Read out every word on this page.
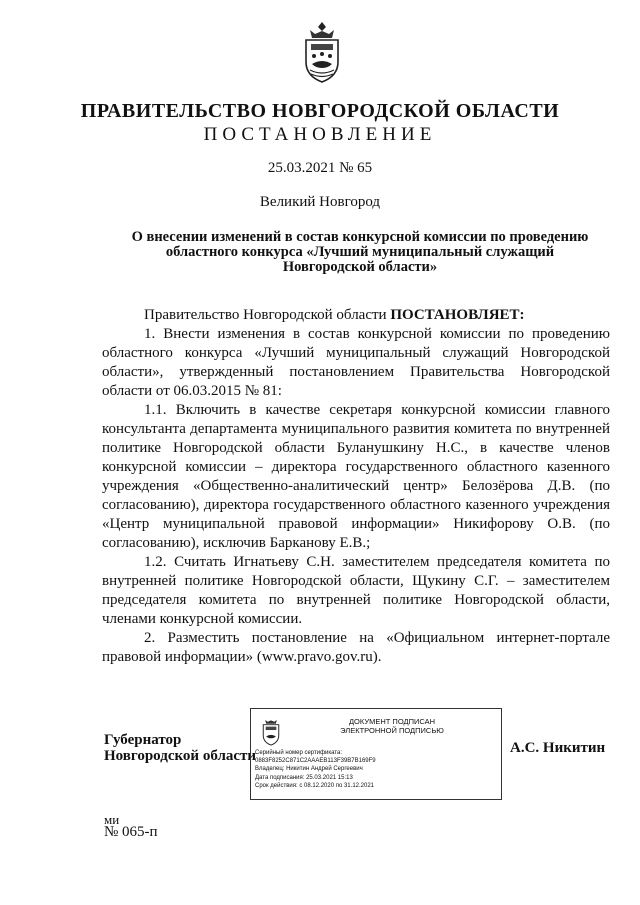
ПРАВИТЕЛЬСТВО НОВГОРОДСКОЙ ОБЛАСТИ
ПОСТАНОВЛЕНИЕ
25.03.2021 № 65
Великий Новгород
О внесении изменений в состав конкурсной комиссии по проведению
областного конкурса «Лучший муниципальный служащий
Новгородской области»

Правительство Новгородской области ПОСТАНОВЛЯЕТ:

1. Внести изменения в состав конкурсной комиссии по проведению областного конкурса «Лучший муниципальный служащий Новгородской области», утвержденный постановлением Правительства Новгородской области от 06.03.2015 № 81:

1.1. Включить в качестве секретаря конкурсной комиссии главного консультанта департамента муниципального развития комитета по внутренней политике Новгородской области Буланушкину Н.С., в качестве членов конкурсной комиссии – директора государственного областного казенного учреждения «Общественно-аналитический центр» Белозёрова Д.В. (по согласованию), директора государственного областного казенного учреждения «Центр муниципальной правовой информации» Никифорову О.В. (по согласованию), исключив Барканову Е.В.;

1.2. Считать Игнатьеву С.Н. заместителем председателя комитета по внутренней политике Новгородской области, Щукину С.Г. – заместителем председателя комитета по внутренней политике Новгородской области, членами конкурсной комиссии.

2. Разместить постановление на «Официальном интернет-портале правовой информации» (www.pravo.gov.ru).

Губернатор
Новгородской области
ДОКУМЕНТ ПОДПИСАН
ЭЛЕКТРОННОЙ ПОДПИСЬЮ
Серийный номер сертификата:
0883F8252C871C2AAAEB113F39B7B169F9
Владелец: Никитин Андрей Сергеевич
Дата подписания: 25.03.2021 15:13
Срок действия: с 08.12.2020 по 31.12.2021
А.С. Никитин
ми
№ 065-п
